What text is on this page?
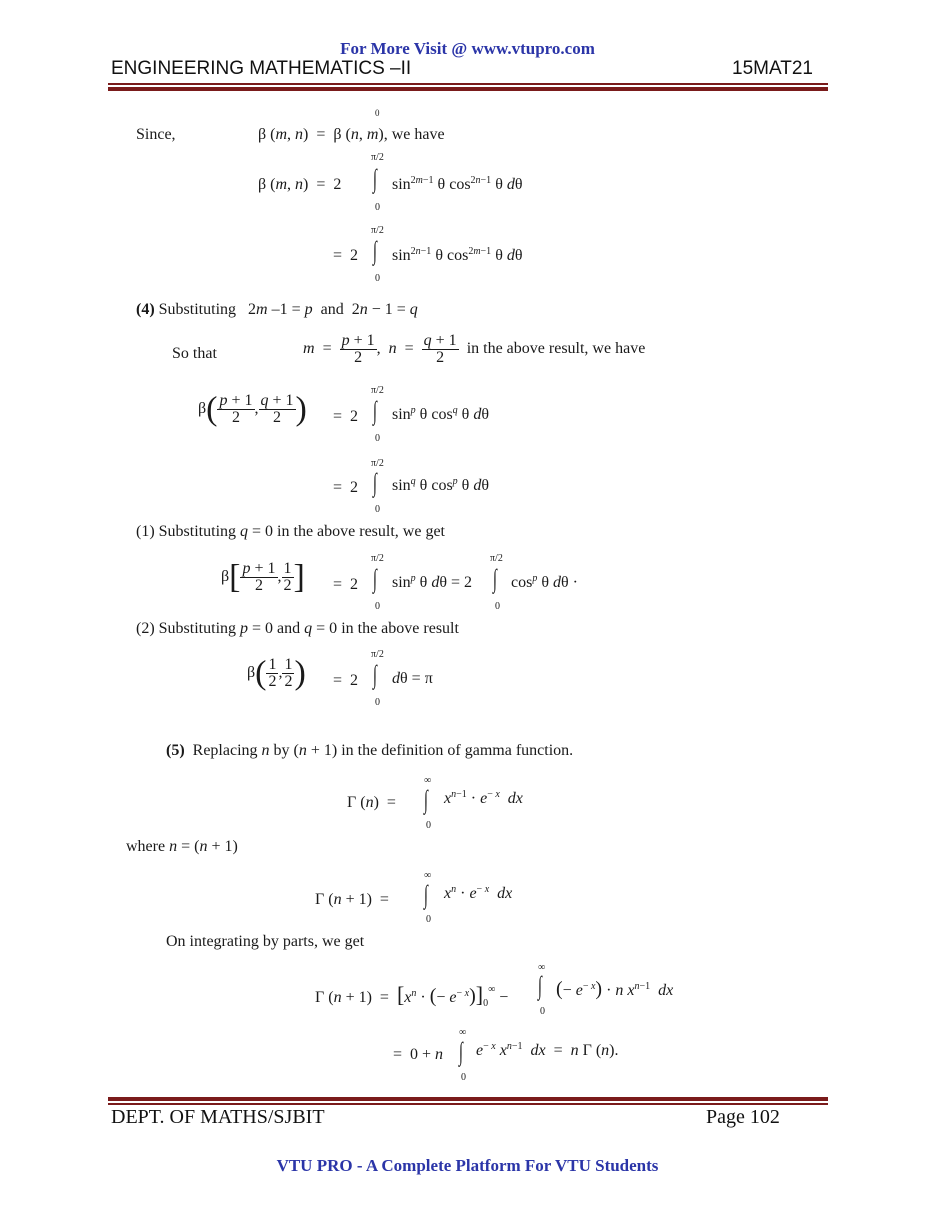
For More Visit @ www.vtupro.com
ENGINEERING MATHEMATICS –II	15MAT21
0
Since,	β (m, n)  =  β (n, m), we have
π/2
β (m, n)  =  2 ∫ $\sin^{2m-1} \theta$ $\cos^{2n-1} \theta$ dθ
0
π/2
=  2 ∫ $\sin^{2n-1} \theta$ $\cos^{2m-1} \theta$ dθ
0
(4) Substituting   2m –1 = p and  2n − 1 = q
So that	$m = \frac{p + 1}{2}$ ,  $n = \frac{q + 1}{2}$ in the above result, we have
π/2
$\beta( \frac{p + 1}{2}$ , $\frac{q + 1}{2}$ ) =  2 ∫ $\sin^p \theta$ $\cos^q \theta$ dθ
0
π/2
=  2 ∫ $\sin^q \theta$ $\cos^p \theta$ dθ
0
(1) Substituting q = 0 in the above result, we get
π/2	π/2
$\beta[ \frac{p + 1}{2}$ , $\frac{1}{2}$ ] =  2 ∫ $\sin^p \theta$ dθ = 2 ∫ $\cos^p \theta$ dθ ·
0	0
(2) Substituting p = 0 and q = 0 in the above result
π/2
$\beta( \frac{1}{2}$ , $\frac{1}{2}$ ) =  2 ∫ dθ = π
0
(5) Replacing n by (n + 1) in the definition of gamma function.
∞
Γ (n)  = ∫ $x^{n-1} \cdot e^{- x}$ dx
0
where n = (n + 1)
∞
Γ (n + 1)  = ∫ $x^n \cdot e^{- x}$ dx
0
On integrating by parts, we get
∞
Γ $(n + 1) = [x^n$ · (− $e^{- x})]_0^\infty$ − ∫ (− $e^{- x}) \cdot n$ $x^{n-1}$ dx
0
∞
=  0 + n ∫ $e^{- x}$ $x^{n-1}$ dx  =  n Γ (n).
0
DEPT. OF MATHS/SJBIT	Page 102
VTU PRO - A Complete Platform For VTU Students
